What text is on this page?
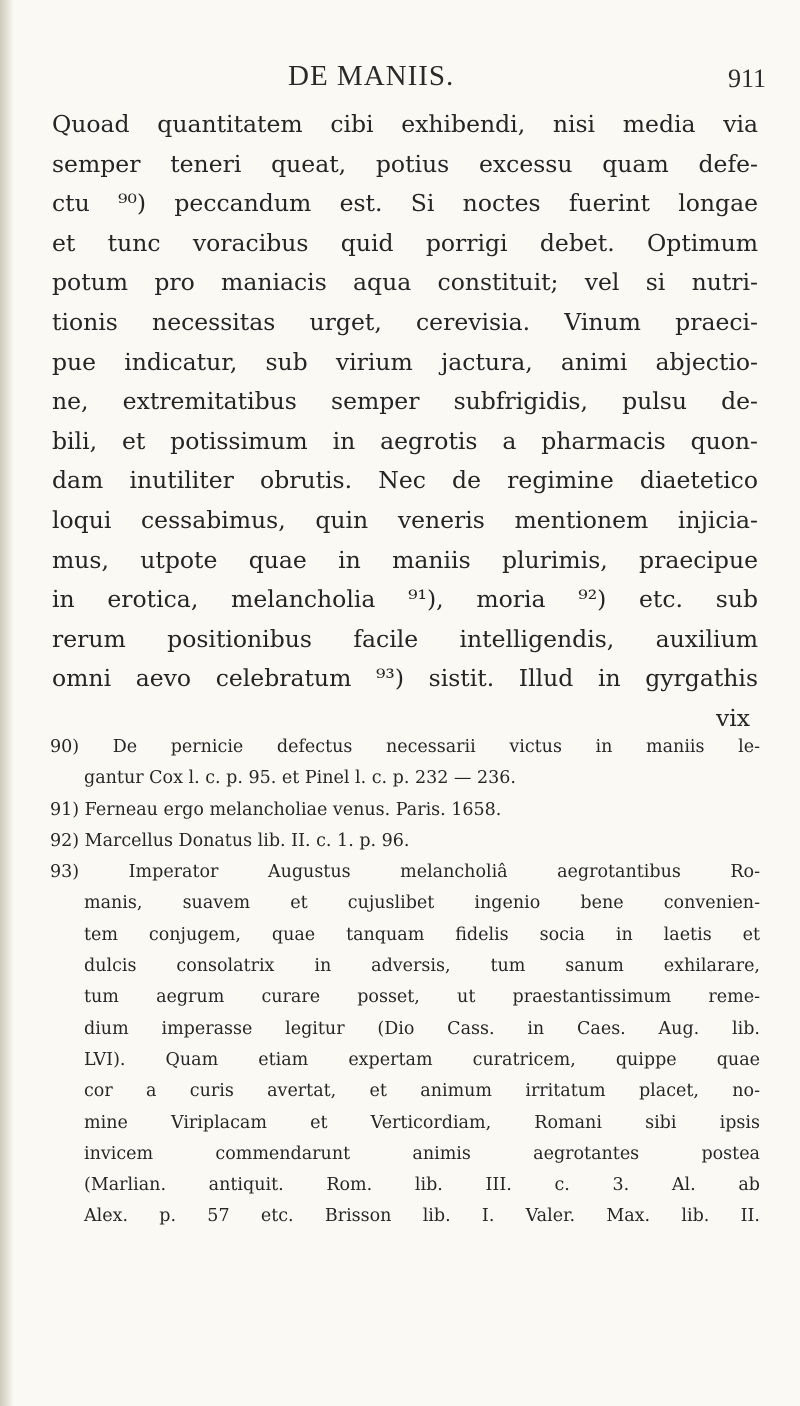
DE MANIIS.	911
Quoad quantitatem cibi exhibendi, nisi media via
semper teneri queat, potius excessu quam defe-
ctu ⁹⁰) peccandum est. Si noctes fuerint longae
et tunc voracibus quid porrigi debet. Optimum
potum pro maniacis aqua constituit; vel si nutri-
tionis necessitas urget, cerevisia. Vinum praeci-
pue indicatur, sub virium jactura, animi abjectio-
ne, extremitatibus semper subfrigidis, pulsu de-
bili, et potissimum in aegrotis a pharmacis quon-
dam inutiliter obrutis. Nec de regimine diaetetico
loqui cessabimus, quin veneris mentionem injicia-
mus, utpote quae in maniis plurimis, praecipue
in erotica, melancholia ⁹¹), moria ⁹²) etc. sub
rerum positionibus facile intelligendis, auxilium
omni aevo celebratum ⁹³) sistit. Illud in gyrgathis
vix
90) De pernicie defectus necessarii victus in maniis le-
gantur Cox l. c. p. 95. et Pinel l. c. p. 232 — 236.
91) Ferneau ergo melancholiae venus. Paris. 1658.
92) Marcellus Donatus lib. II. c. 1. p. 96.
93) Imperator Augustus melancholiâ aegrotantibus Ro-
manis, suavem et cujuslibet ingenio bene convenien-
tem conjugem, quae tanquam fidelis socia in laetis et
dulcis consolatrix in adversis, tum sanum exhilarare,
tum aegrum curare posset, ut praestantissimum reme-
dium imperasse legitur (Dio Cass. in Caes. Aug. lib.
LVI). Quam etiam expertam curatricem, quippe quae
cor a curis avertat, et animum irritatum placet, no-
mine Viriplacam et Verticordiam, Romani sibi ipsis
invicem commendarunt animis aegrotantes postea
(Marlian. antiquit. Rom. lib. III. c. 3. Al. ab
Alex. p. 57 etc. Brisson lib. I. Valer. Max. lib. II.
